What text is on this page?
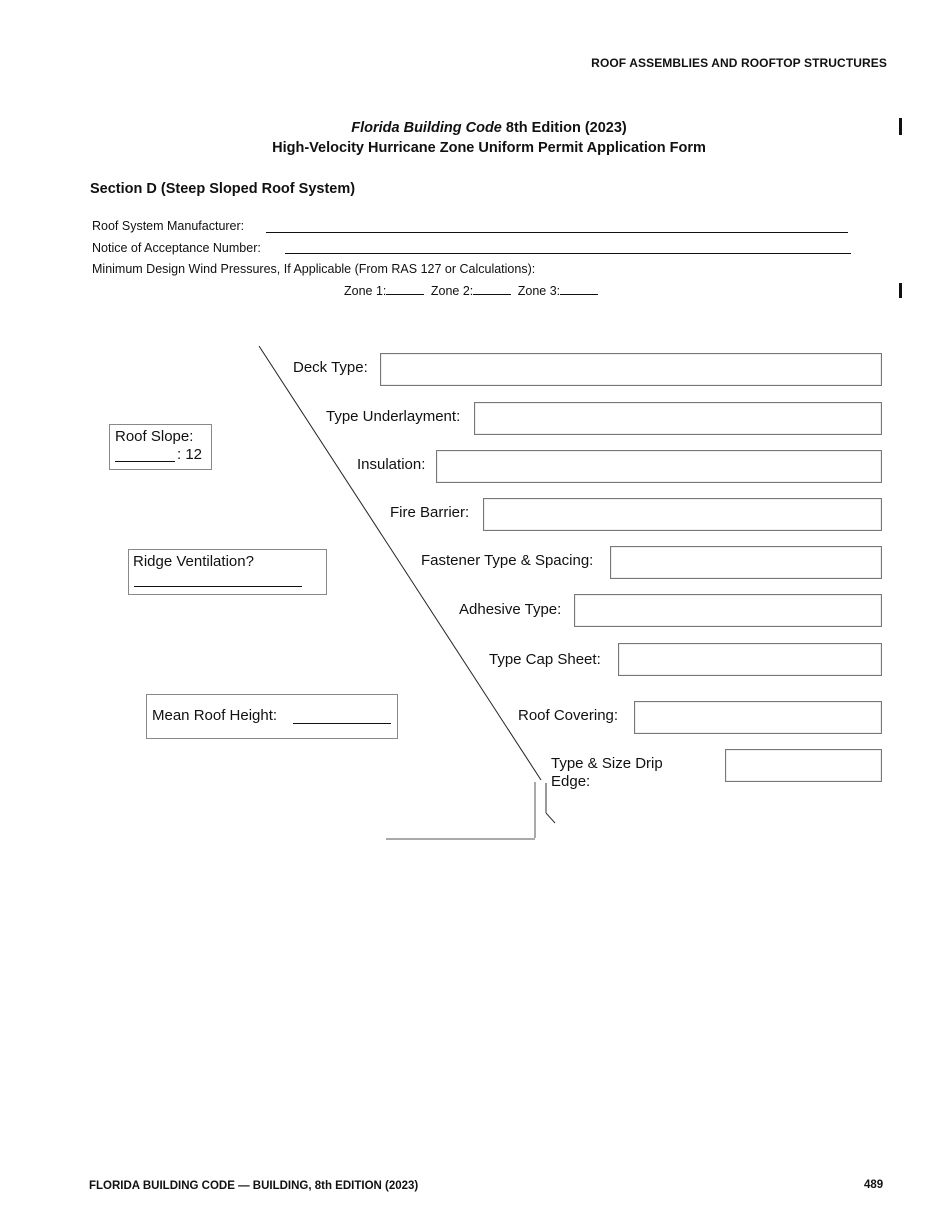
ROOF ASSEMBLIES AND ROOFTOP STRUCTURES
Florida Building Code 8th Edition (2023)
High-Velocity Hurricane Zone Uniform Permit Application Form
Section D (Steep Sloped Roof System)
Roof System Manufacturer:
Notice of Acceptance Number:
Minimum Design Wind Pressures, If Applicable (From RAS 127 or Calculations):
Zone 1:	Zone 2:	Zone 3:
Deck Type:
Type Underlayment:
Insulation:
Fire Barrier:
Fastener Type & Spacing:
Adhesive Type:
Type Cap Sheet:
Roof Covering:
Type & Size Drip
Edge:
Roof Slope:
: 12
Ridge Ventilation?
Mean Roof Height:
FLORIDA BUILDING CODE — BUILDING, 8th EDITION (2023)	489
